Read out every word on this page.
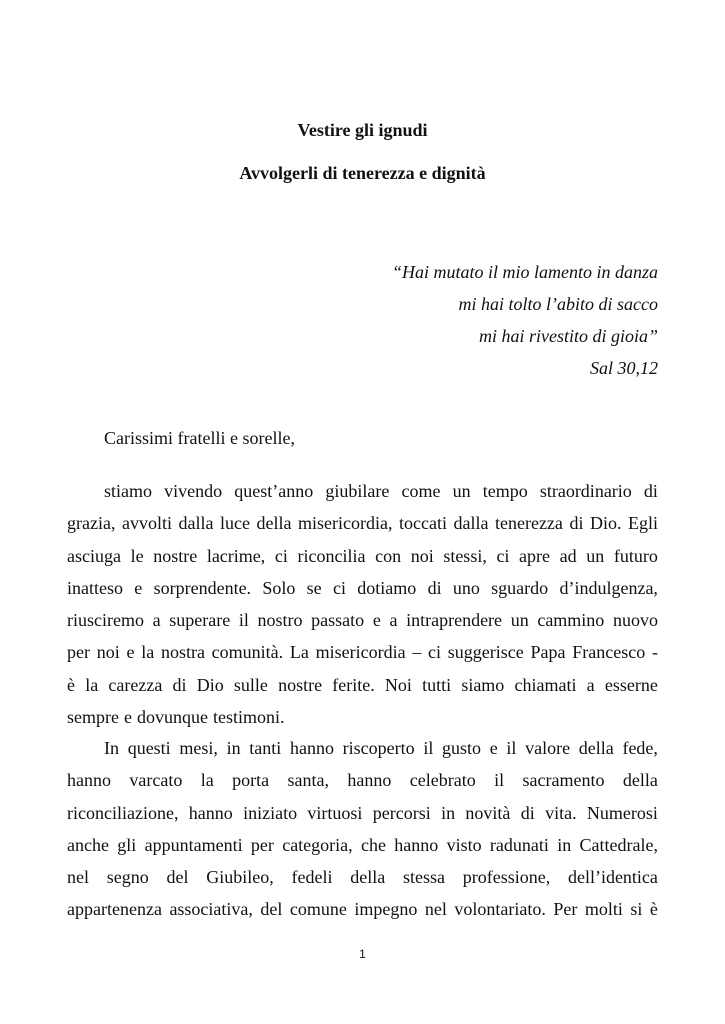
Vestire gli ignudi
Avvolgerli di tenerezza e dignità
“Hai mutato il mio lamento in danza
mi hai tolto l’abito di sacco
mi hai rivestito di gioia”
Sal 30,12
Carissimi fratelli e sorelle,
stiamo vivendo quest’anno giubilare come un tempo straordinario di
grazia, avvolti dalla luce della misericordia, toccati dalla tenerezza di Dio. Egli
asciuga le nostre lacrime, ci riconcilia con noi stessi, ci apre ad un futuro
inatteso e sorprendente. Solo se ci dotiamo di uno sguardo d’indulgenza,
riusciremo a superare il nostro passato e a intraprendere un cammino nuovo
per noi e la nostra comunità. La misericordia – ci suggerisce Papa Francesco -
è la carezza di Dio sulle nostre ferite. Noi tutti siamo chiamati a esserne
sempre e dovunque testimoni.
In questi mesi, in tanti hanno riscoperto il gusto e il valore della fede,
hanno varcato la porta santa, hanno celebrato il sacramento della
riconciliazione, hanno iniziato virtuosi percorsi in novità di vita. Numerosi
anche gli appuntamenti per categoria, che hanno visto radunati in Cattedrale,
nel segno del Giubileo, fedeli della stessa professione, dell’identica
appartenenza associativa, del comune impegno nel volontariato. Per molti si è
1
